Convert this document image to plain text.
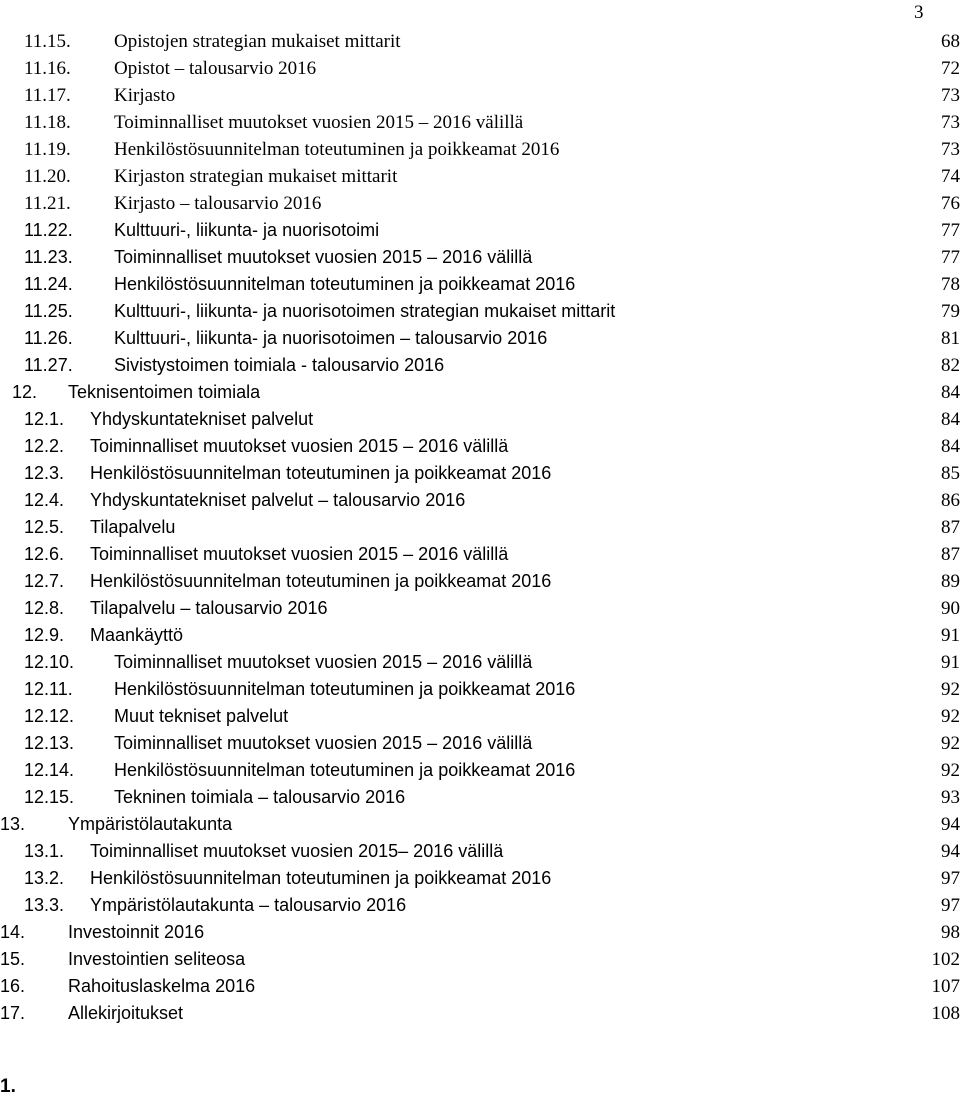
3
11.15. Opistojen strategian mukaiset mittarit	68
11.16. Opistot – talousarvio 2016	72
11.17. Kirjasto	73
11.18. Toiminnalliset muutokset vuosien 2015 – 2016 välillä	73
11.19. Henkilöstösuunnitelman toteutuminen ja poikkeamat 2016	73
11.20. Kirjaston strategian mukaiset mittarit	74
11.21. Kirjasto – talousarvio 2016	76
11.22. Kulttuuri-, liikunta- ja nuorisotoimi	77
11.23. Toiminnalliset muutokset vuosien 2015 – 2016 välillä	77
11.24. Henkilöstösuunnitelman toteutuminen ja poikkeamat 2016	78
11.25. Kulttuuri-, liikunta- ja nuorisotoimen strategian mukaiset mittarit	79
11.26. Kulttuuri-, liikunta- ja nuorisotoimen – talousarvio 2016	81
11.27. Sivistystoimen toimiala - talousarvio 2016	82
12. Teknisentoimen toimiala	84
12.1. Yhdyskuntatekniset palvelut	84
12.2. Toiminnalliset muutokset vuosien 2015 – 2016 välillä	84
12.3. Henkilöstösuunnitelman toteutuminen ja poikkeamat 2016	85
12.4. Yhdyskuntatekniset palvelut – talousarvio 2016	86
12.5. Tilapalvelu	87
12.6. Toiminnalliset muutokset vuosien 2015 – 2016 välillä	87
12.7. Henkilöstösuunnitelman toteutuminen ja poikkeamat 2016	89
12.8. Tilapalvelu – talousarvio 2016	90
12.9. Maankäyttö	91
12.10. Toiminnalliset muutokset vuosien 2015 – 2016 välillä	91
12.11. Henkilöstösuunnitelman toteutuminen ja poikkeamat 2016	92
12.12. Muut tekniset palvelut	92
12.13. Toiminnalliset muutokset vuosien 2015 – 2016 välillä	92
12.14. Henkilöstösuunnitelman toteutuminen ja poikkeamat 2016	92
12.15. Tekninen toimiala – talousarvio 2016	93
13. Ympäristölautakunta	94
13.1. Toiminnalliset muutokset vuosien 2015– 2016 välillä	94
13.2. Henkilöstösuunnitelman toteutuminen ja poikkeamat 2016	97
13.3. Ympäristölautakunta – talousarvio 2016	97
14. Investoinnit 2016	98
15. Investointien seliteosa	102
16. Rahoituslaskelma 2016	107
17. Allekirjoitukset	108
1.
